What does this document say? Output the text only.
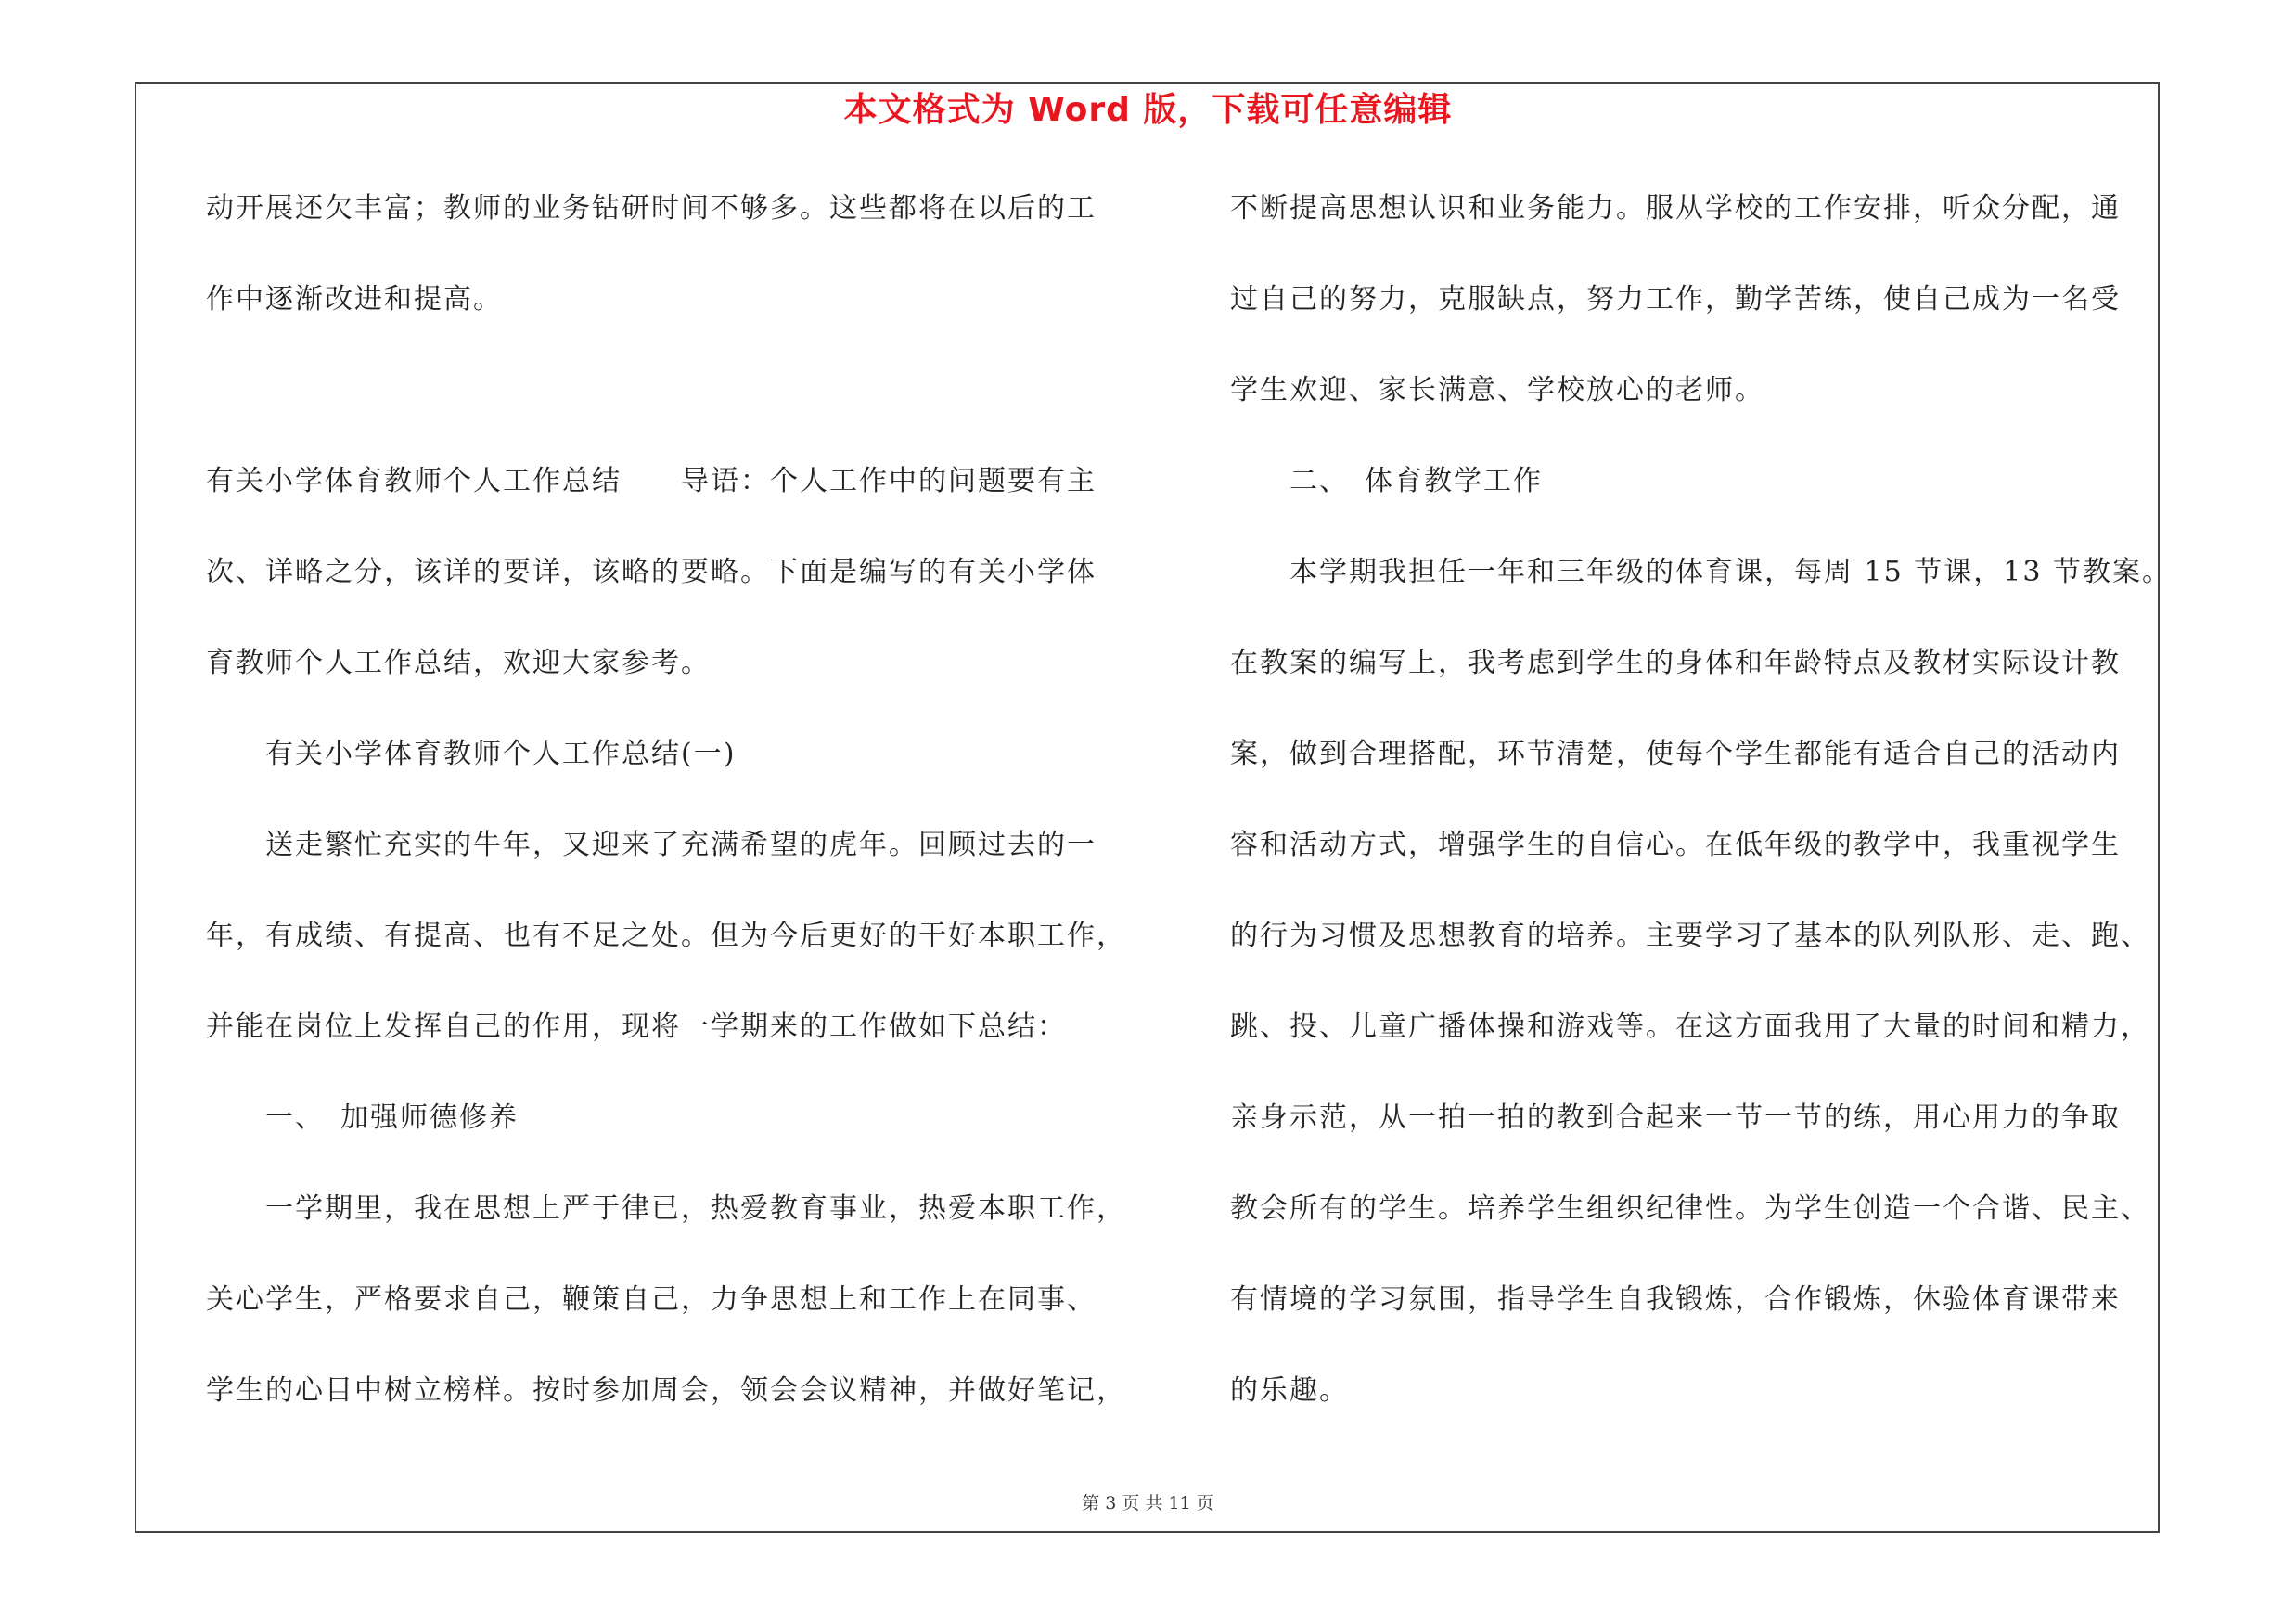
本文格式为 Word 版，下载可任意编辑
动开展还欠丰富；教师的业务钻研时间不够多。这些都将在以后的工
作中逐渐改进和提高。
有关小学体育教师个人工作总结　　导语：个人工作中的问题要有主
次、详略之分，该详的要详，该略的要略。下面是编写的有关小学体
育教师个人工作总结，欢迎大家参考。
　　有关小学体育教师个人工作总结(一)
　　送走繁忙充实的牛年，又迎来了充满希望的虎年。回顾过去的一
年，有成绩、有提高、也有不足之处。但为今后更好的干好本职工作，
并能在岗位上发挥自己的作用，现将一学期来的工作做如下总结：
　　一、　加强师德修养
　　一学期里，我在思想上严于律已，热爱教育事业，热爱本职工作，
关心学生，严格要求自己，鞭策自己，力争思想上和工作上在同事、
学生的心目中树立榜样。按时参加周会，领会会议精神，并做好笔记，
不断提高思想认识和业务能力。服从学校的工作安排，听众分配，通
过自己的努力，克服缺点，努力工作，勤学苦练，使自己成为一名受
学生欢迎、家长满意、学校放心的老师。
　　二、　体育教学工作
　　本学期我担任一年和三年级的体育课，每周 15 节课，13 节教案。
在教案的编写上，我考虑到学生的身体和年龄特点及教材实际设计教
案，做到合理搭配，环节清楚，使每个学生都能有适合自己的活动内
容和活动方式，增强学生的自信心。在低年级的教学中，我重视学生
的行为习惯及思想教育的培养。主要学习了基本的队列队形、走、跑、
跳、投、儿童广播体操和游戏等。在这方面我用了大量的时间和精力，
亲身示范，从一拍一拍的教到合起来一节一节的练，用心用力的争取
教会所有的学生。培养学生组织纪律性。为学生创造一个合谐、民主、
有情境的学习氛围，指导学生自我锻炼，合作锻炼，休验体育课带来
的乐趣。
第 3 页 共 11 页
